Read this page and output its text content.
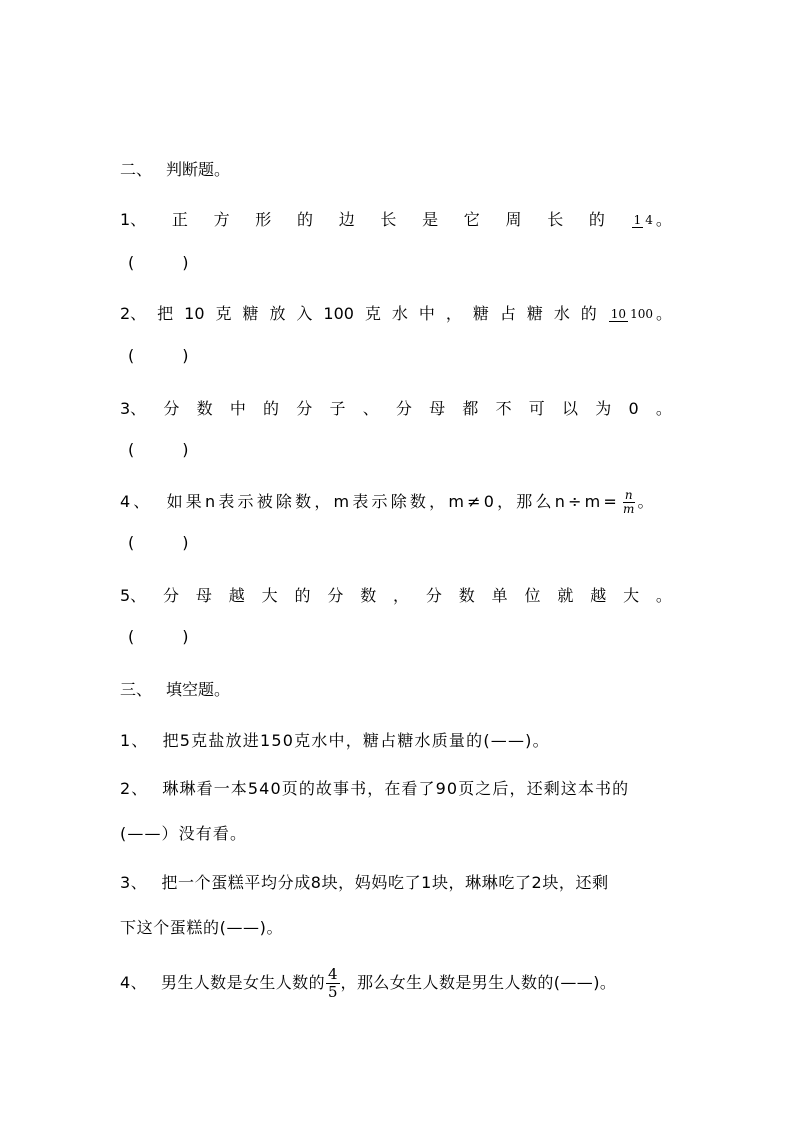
二、 判断题。
1、 正 方 形 的 边 长 是 它 周 长 的 1 4 。
(	)
2、 把 10 克 糖 放 入 100 克 水 中 ， 糖 占 糖 水 的 10 100 。
(	)
3、 分 数 中 的 分 子 、 分 母 都 不 可 以 为 0 。
(	)
4、 如果n表示被除数，m表示除数，m≠0，那么$n\div m= \frac{n}{m}$ 。
(	)
5、 分 母 越 大 的 分 数 ， 分 数 单 位 就 越 大 。
(	)
三、 填空题。
1、 把5克盐放进150克水中，糖占糖水质量的(——)。
2、 琳琳看一本540页的故事书，在看了90页之后，还剩这本书的
(——）没有看。
3、 把一个蛋糕平均分成8块，妈妈吃了1块，琳琳吃了2块，还剩
下这个蛋糕的(——)。
4、 男生人数是女生人数的 $\frac{4}{5}$ ，那么女生人数是男生人数的(——)。
